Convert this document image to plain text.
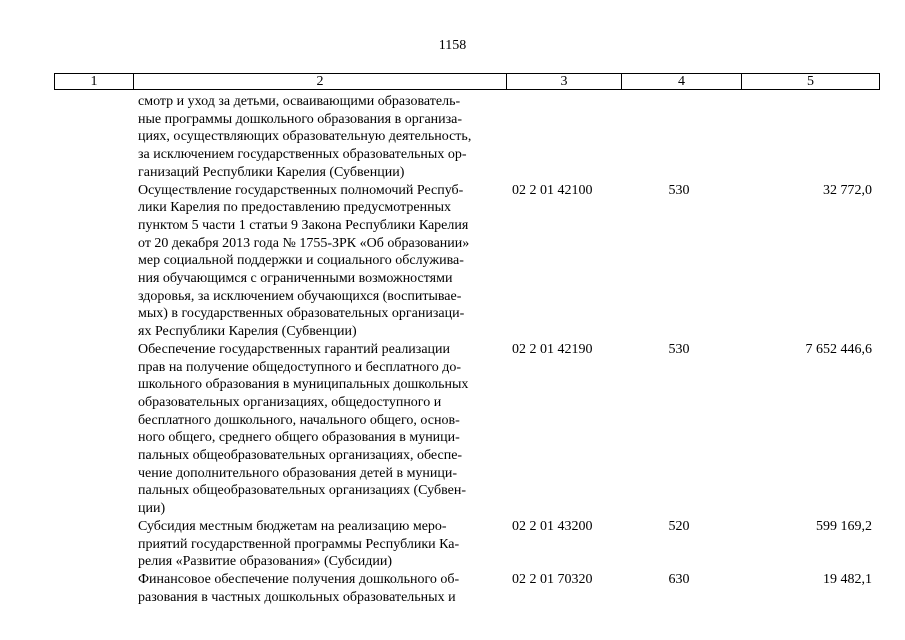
1158
1	2	3	4	5
смотр и уход за детьми, осваивающими образователь-
ные программы дошкольного образования в организа-
циях, осуществляющих образовательную деятельность,
за исключением государственных образовательных ор-
ганизаций Республики Карелия (Субвенции)
Осуществление государственных полномочий Респуб-
лики Карелия по предоставлению предусмотренных
пунктом 5 части 1 статьи 9 Закона Республики Карелия
от 20 декабря 2013 года № 1755-ЗРК «Об образовании»
мер социальной поддержки и социального обслужива-
ния обучающимся с ограниченными возможностями
здоровья, за исключением обучающихся (воспитывае-
мых) в государственных образовательных организаци-
ях Республики Карелия (Субвенции)
02 2 01 42100	530	32 772,0
Обеспечение государственных гарантий реализации
прав на получение общедоступного и бесплатного до-
школьного образования в муниципальных дошкольных
образовательных организациях, общедоступного и
бесплатного дошкольного, начального общего, основ-
ного общего, среднего общего образования в муници-
пальных общеобразовательных организациях, обеспе-
чение дополнительного образования детей в муници-
пальных общеобразовательных организациях (Субвен-
ции)
02 2 01 42190	530	7 652 446,6
Субсидия местным бюджетам на реализацию меро-
приятий государственной программы Республики Ка-
релия «Развитие образования» (Субсидии)
02 2 01 43200	520	599 169,2
Финансовое обеспечение получения дошкольного об-
разования в частных дошкольных образовательных и
02 2 01 70320	630	19 482,1
